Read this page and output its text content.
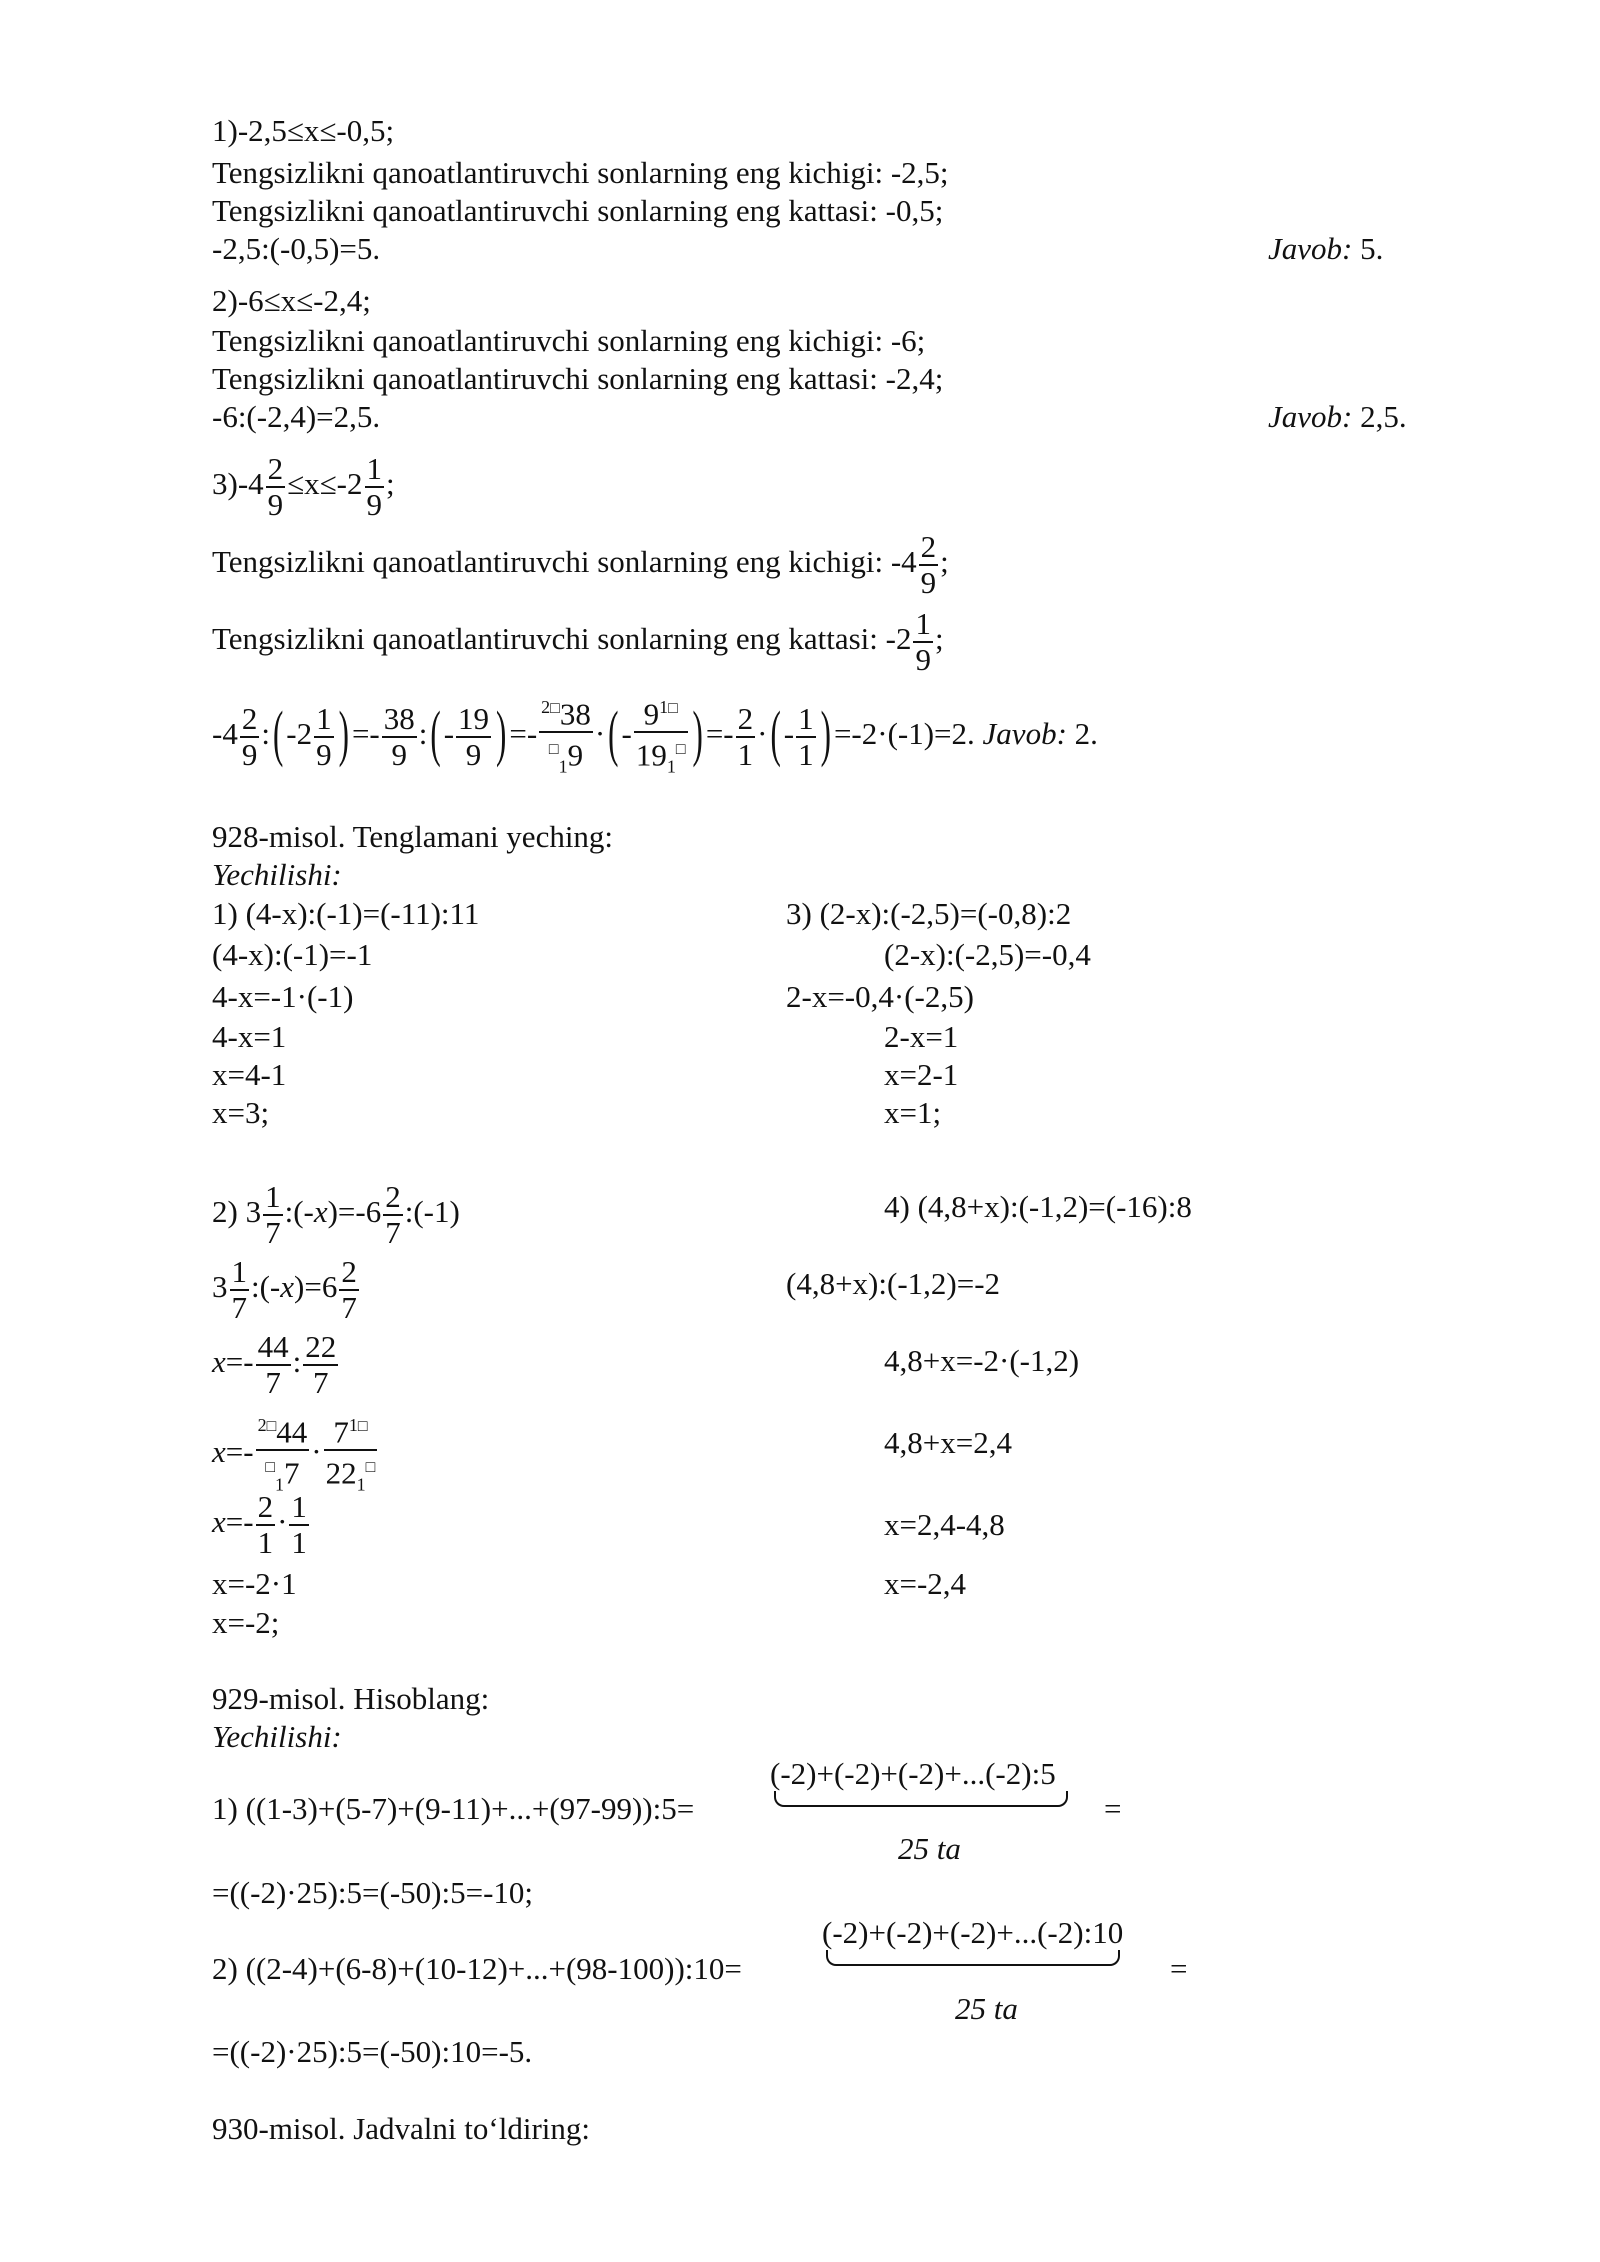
1)-2,5≤x≤-0,5;
Tengsizlikni qanoatlantiruvchi sonlarning eng kichigi: -2,5;
Tengsizlikni qanoatlantiruvchi sonlarning eng kattasi: -0,5;
-2,5:(-0,5)=5.	Javob: 5.
2)-6≤x≤-2,4;
Tengsizlikni qanoatlantiruvchi sonlarning eng kichigi: -6;
Tengsizlikni qanoatlantiruvchi sonlarning eng kattasi: -2,4;
-6:(-2,4)=2,5.	Javob: 2,5.
$3)-4 \frac{2}{9} \le x\le-2 \frac{1}{9}$ ;
Tengsizlikni qanoatlantiruvchi sonlarning eng kichigi: $-4 \frac{2}{9}$ ;
Tengsizlikni qanoatlantiruvchi sonlarning eng kattasi: $-2 \frac{1}{9}$ ;
$-4 \frac{2}{9}$ :(-2 $\frac{1}{9}$ )=- $\frac{38}{9}$ :(- $\frac{19}{9}$ )=- $\frac{^{2□}38}{^□_19}$ ·(- $\frac{9^{1□}}{19_1^□}$ )=- $\frac{2}{1}$ ·(- $\frac{1}{1} )=-2\cdot(-1)=2$. Javob: 2.
928-misol. Tenglamani yeching:
Yechilishi:
1) (4-x):(-1)=(-11):11
(4-x):(-1)=-1
4-x=-1·(-1)
4-x=1
x=4-1
x=3;
3) (2-x):(-2,5)=(-0,8):2
(2-x):(-2,5)=-0,4
2-x=-0,4·(-2,5)
2-x=1
x=2-1
x=1;
2) $3 \frac{1}{7}$ :(-x)=-6 $\frac{2}{7}$ :(-1)
$3 \frac{1}{7}$ :(-x)=6 $\frac{2}{7}$
$x=- \frac{44}{7}$ : $\frac{22}{7}$
$x=- \frac{^{2□}44}{^□_17} \cdot \frac{7^{1□}}{22_1^□}$
$x=- \frac{2}{1} \cdot \frac{1}{1}$
x=-2·1
x=-2;
4) (4,8+x):(-1,2)=(-16):8
(4,8+x):(-1,2)=-2
4,8+x=-2·(-1,2)
4,8+x=2,4
x=2,4-4,8
x=-2,4
929-misol. Hisoblang:
Yechilishi:
(-2)+(-2)+(-2)+...(-2):5
1) ((1-3)+(5-7)+(9-11)+...+(97-99)):5=	=
25 ta
=((-2)·25):5=(-50):5=-10;
(-2)+(-2)+(-2)+...(-2):10
2) ((2-4)+(6-8)+(10-12)+...+(98-100)):10=	=
25 ta
=((-2)·25):5=(-50):10=-5.
930-misol. Jadvalni to‘ldiring:
